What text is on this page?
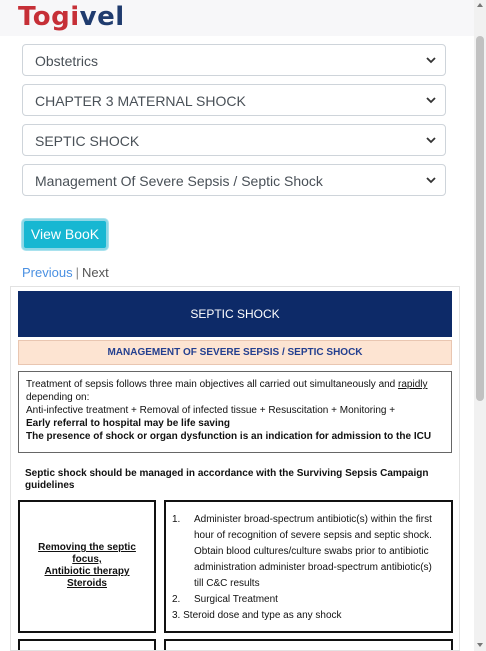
Togivel
Obstetrics
CHAPTER 3 MATERNAL SHOCK
SEPTIC SHOCK
Management Of Severe Sepsis / Septic Shock
View BooK
Previous | Next
SEPTIC SHOCK
MANAGEMENT OF SEVERE SEPSIS / SEPTIC SHOCK
Treatment of sepsis follows three main objectives all carried out simultaneously and rapidly
depending on:
Anti-infective treatment + Removal of infected tissue + Resuscitation + Monitoring +
Early referral to hospital may be life saving
The presence of shock or organ dysfunction is an indication for admission to the ICU
Septic shock should be managed in accordance with the Surviving Sepsis Campaign guidelines
Removing the septic
focus,
Antibiotic therapy
Steroids
1. Administer broad-spectrum antibiotic(s) within the first hour of recognition of severe sepsis and septic shock. Obtain blood cultures/culture swabs prior to antibiotic administration administer broad-spectrum antibiotic(s) till C&C results
2. Surgical Treatment
3. Steroid dose and type as any shock
